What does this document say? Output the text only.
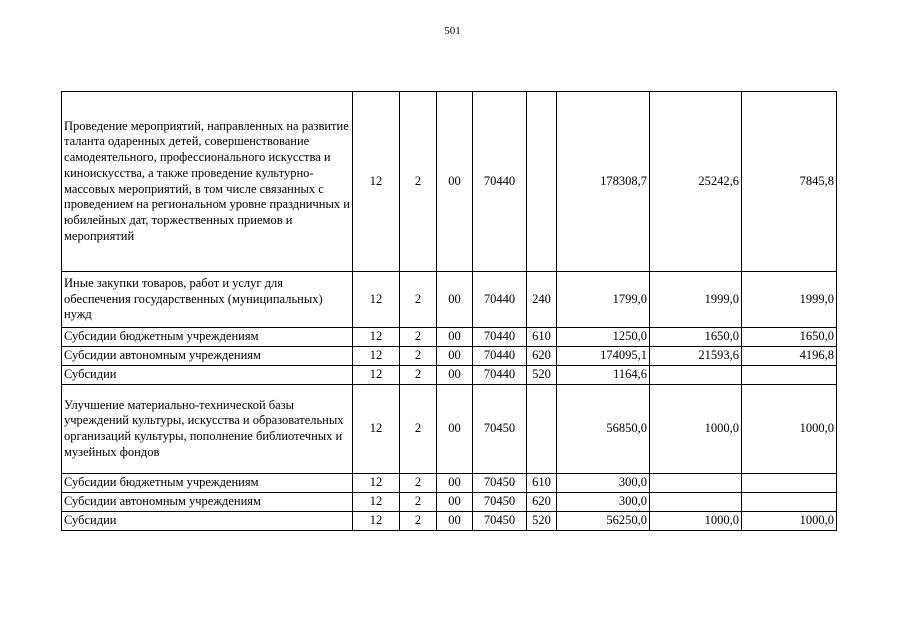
501
Проведение мероприятий, направленных на развитие таланта одаренных детей, совершенствование самодеятельного, профессионального искусства и киноискусства, а также проведение культурно-массовых мероприятий, в том числе связанных с проведением на региональном уровне праздничных и юбилейных дат, торжественных приемов и мероприятий	12	2	00	70440		178308,7	25242,6	7845,8
Иные закупки товаров, работ и услуг для обеспечения государственных (муниципальных) нужд	12	2	00	70440	240	1799,0	1999,0	1999,0
Субсидии бюджетным учреждениям	12	2	00	70440	610	1250,0	1650,0	1650,0
Субсидии автономным учреждениям	12	2	00	70440	620	174095,1	21593,6	4196,8
Субсидии	12	2	00	70440	520	1164,6		
Улучшение материально-технической базы учреждений культуры, искусства и образовательных организаций культуры, пополнение библиотечных и музейных фондов	12	2	00	70450		56850,0	1000,0	1000,0
Субсидии бюджетным учреждениям	12	2	00	70450	610	300,0		
Субсидии автономным учреждениям	12	2	00	70450	620	300,0		
Субсидии	12	2	00	70450	520	56250,0	1000,0	1000,0
